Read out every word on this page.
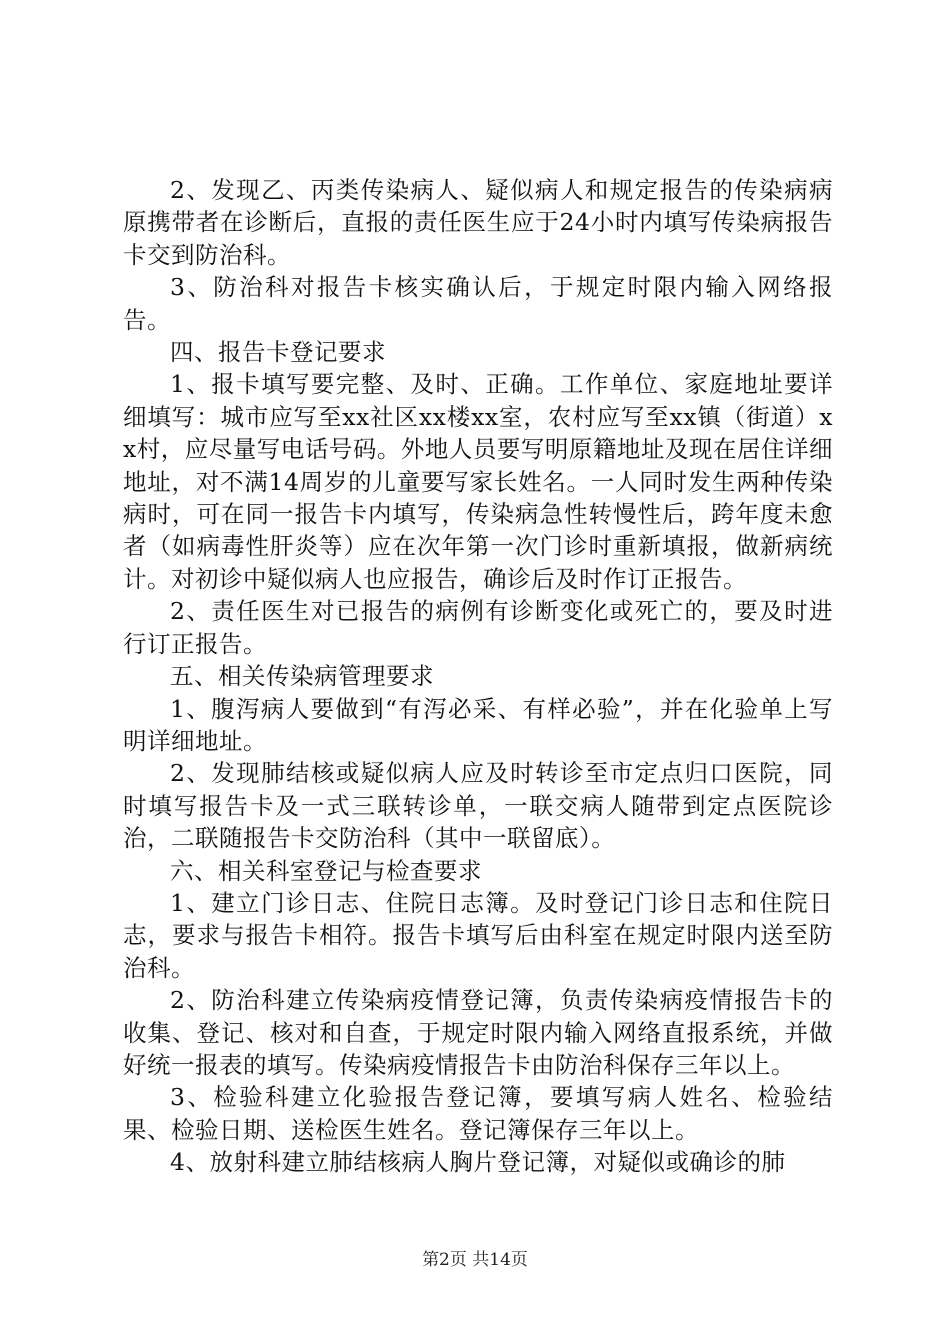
2、发现乙、丙类传染病人、疑似病人和规定报告的传染病病原携带者在诊断后，直报的责任医生应于24小时内填写传染病报告卡交到防治科。

3、防治科对报告卡核实确认后，于规定时限内输入网络报告。

四、报告卡登记要求

1、报卡填写要完整、及时、正确。工作单位、家庭地址要详细填写：城市应写至xx社区xx楼xx室，农村应写至xx镇（街道）xx村，应尽量写电话号码。外地人员要写明原籍地址及现在居住详细地址，对不满14周岁的儿童要写家长姓名。一人同时发生两种传染病时，可在同一报告卡内填写，传染病急性转慢性后，跨年度未愈者（如病毒性肝炎等）应在次年第一次门诊时重新填报，做新病统计。对初诊中疑似病人也应报告，确诊后及时作订正报告。

2、责任医生对已报告的病例有诊断变化或死亡的，要及时进行订正报告。

五、相关传染病管理要求

1、腹泻病人要做到“有泻必采、有样必验”，并在化验单上写明详细地址。

2、发现肺结核或疑似病人应及时转诊至市定点归口医院，同时填写报告卡及一式三联转诊单，一联交病人随带到定点医院诊治，二联随报告卡交防治科（其中一联留底）。

六、相关科室登记与检查要求

1、建立门诊日志、住院日志簿。及时登记门诊日志和住院日志，要求与报告卡相符。报告卡填写后由科室在规定时限内送至防治科。

2、防治科建立传染病疫情登记簿，负责传染病疫情报告卡的收集、登记、核对和自查，于规定时限内输入网络直报系统，并做好统一报表的填写。传染病疫情报告卡由防治科保存三年以上。

3、检验科建立化验报告登记簿，要填写病人姓名、检验结果、检验日期、送检医生姓名。登记簿保存三年以上。

4、放射科建立肺结核病人胸片登记簿，对疑似或确诊的肺

第2页 共14页
